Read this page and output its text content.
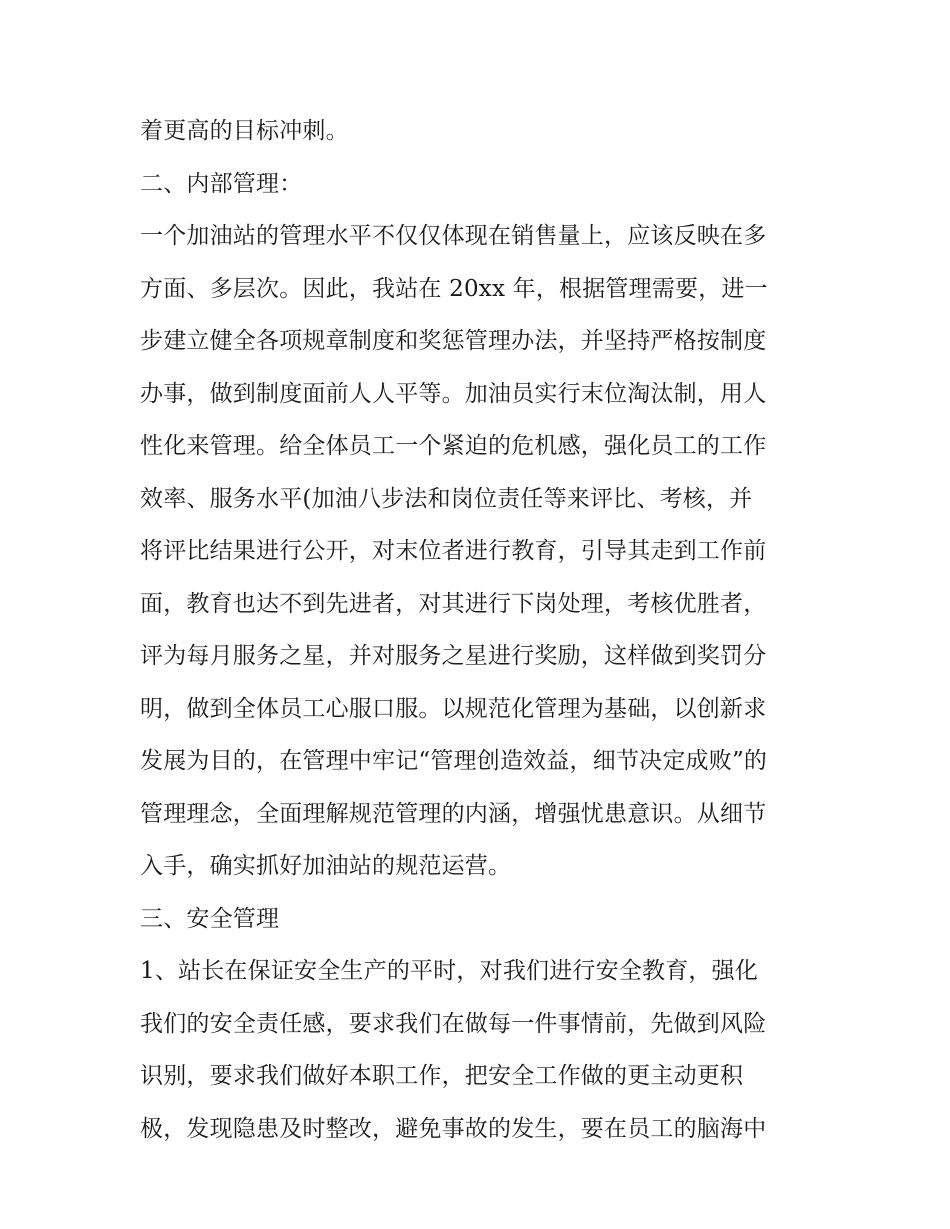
着更高的目标冲刺。
二、内部管理：
一个加油站的管理水平不仅仅体现在销售量上，应该反映在多
方面、多层次。因此，我站在 20xx 年，根据管理需要，进一
步建立健全各项规章制度和奖惩管理办法，并坚持严格按制度
办事，做到制度面前人人平等。加油员实行末位淘汰制，用人
性化来管理。给全体员工一个紧迫的危机感，强化员工的工作
效率、服务水平(加油八步法和岗位责任等来评比、考核，并
将评比结果进行公开，对末位者进行教育，引导其走到工作前
面，教育也达不到先进者，对其进行下岗处理，考核优胜者，
评为每月服务之星，并对服务之星进行奖励，这样做到奖罚分
明，做到全体员工心服口服。以规范化管理为基础，以创新求
发展为目的，在管理中牢记“管理创造效益，细节决定成败”的
管理理念，全面理解规范管理的内涵，增强忧患意识。从细节
入手，确实抓好加油站的规范运营。
三、安全管理
1、站长在保证安全生产的平时，对我们进行安全教育，强化
我们的安全责任感，要求我们在做每一件事情前，先做到风险
识别，要求我们做好本职工作，把安全工作做的更主动更积
极，发现隐患及时整改，避免事故的发生，要在员工的脑海中
